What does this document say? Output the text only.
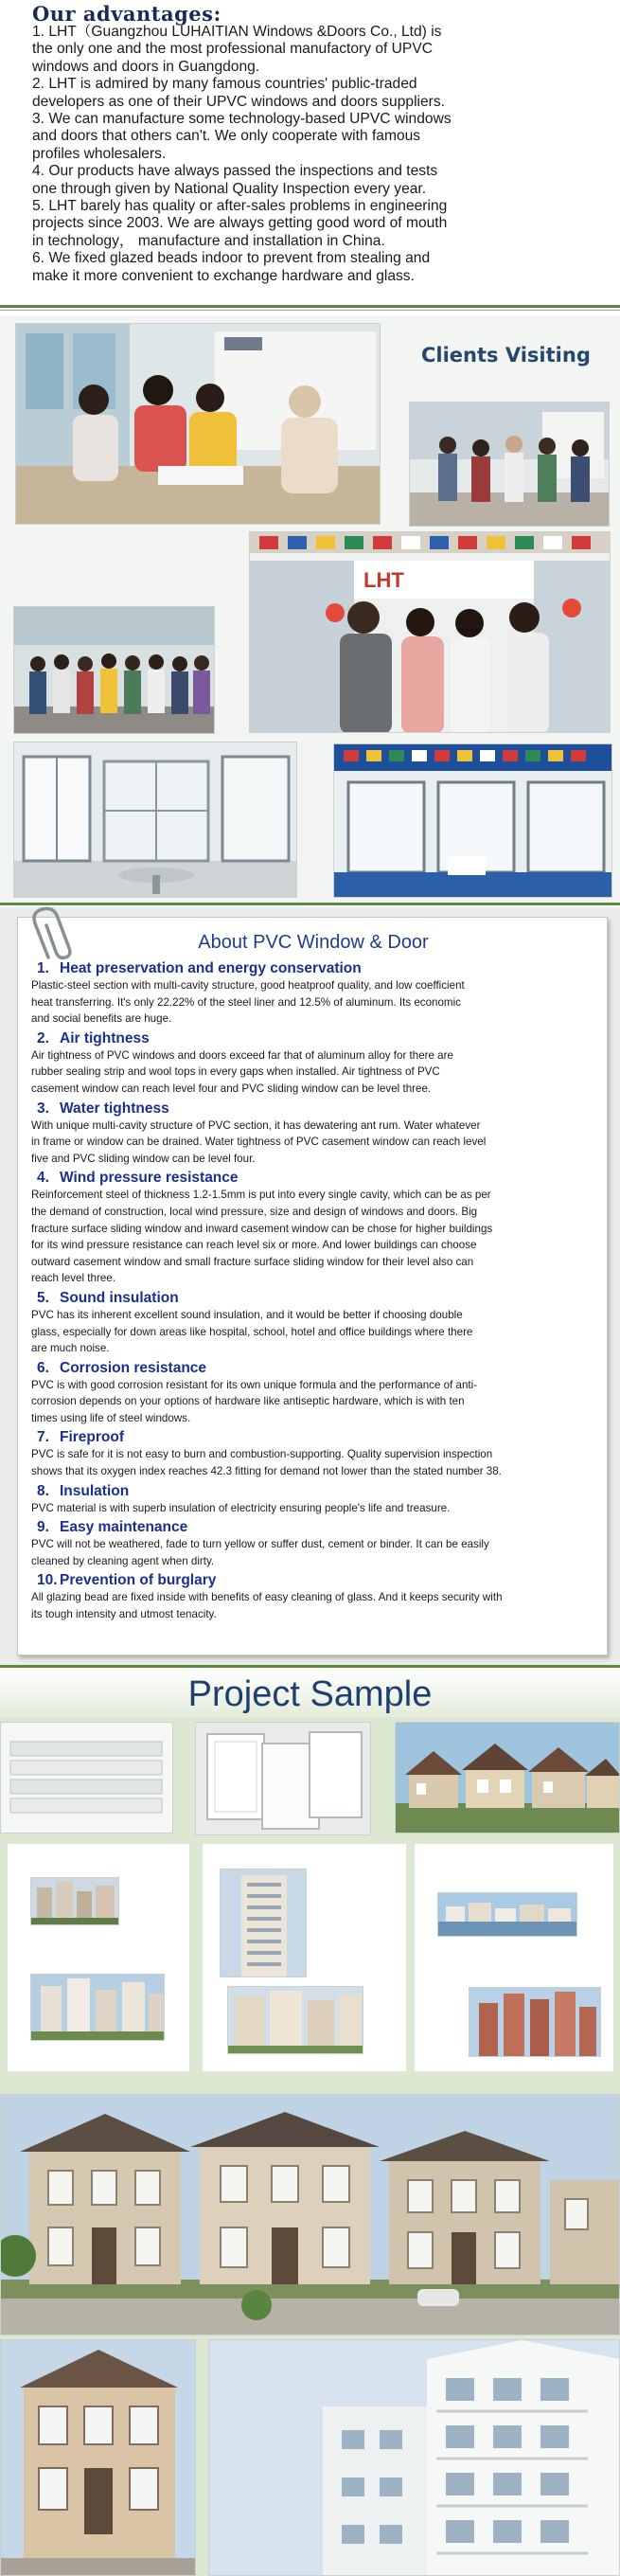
Our advantages:

1. LHT（Guangzhou LUHAITIAN Windows &Doors Co., Ltd) is

the only one and the most professional manufactory of UPVC

windows and doors in Guangdong.

2. LHT is admired by many famous countries' public-traded

developers as one of their UPVC windows and doors suppliers.

3. We can manufacture some technology-based UPVC windows

and doors that others can't. We only cooperate with famous

profiles wholesalers.

4. Our products have always passed the inspections and tests

one through given by National Quality Inspection every year.

5. LHT barely has quality or after-sales problems in engineering

projects since 2003. We are always getting good word of mouth

in technology， manufacture and installation in China.

6. We fixed glazed beads indoor to prevent from stealing and

make it more convenient to exchange hardware and glass.

Clients Visiting
LHT
About PVC Window & Door
1. Heat preservation and energy conservation
Plastic-steel section with multi-cavity structure, good heatproof quality, and low coefficient
heat transferring. It's only 22.22% of the steel liner and 12.5% of aluminum. Its economic
and social benefits are huge.
2. Air tightness
Air tightness of PVC windows and doors exceed far that of aluminum alloy for there are
rubber sealing strip and wool tops in every gaps when installed. Air tightness of PVC
casement window can reach level four and PVC sliding window can be level three.
3. Water tightness
With unique multi-cavity structure of PVC section, it has dewatering ant rum. Water whatever
in frame or window can be drained. Water tightness of PVC casement window can reach level
five and PVC sliding window can be level four.
4. Wind pressure resistance
Reinforcement steel of thickness 1.2-1.5mm is put into every single cavity, which can be as per
the demand of construction, local wind pressure, size and design of windows and doors. Big
fracture surface sliding window and inward casement window can be chose for higher buildings
for its wind pressure resistance can reach level six or more. And lower buildings can choose
outward casement window and small fracture surface sliding window for their level also can
reach level three.
5. Sound insulation
PVC has its inherent excellent sound insulation, and it would be better if choosing double
glass, especially for down areas like hospital, school, hotel and office buildings where there
are much noise.
6. Corrosion resistance
PVC is with good corrosion resistant for its own unique formula and the performance of anti-
corrosion depends on your options of hardware like antiseptic hardware, which is with ten
times using life of steel windows.
7. Fireproof
PVC is safe for it is not easy to burn and combustion-supporting. Quality supervision inspection
shows that its oxygen index reaches 42.3 fitting for demand not lower than the stated number 38.
8. Insulation
PVC material is with superb insulation of electricity ensuring people's life and treasure.
9. Easy maintenance
PVC will not be weathered, fade to turn yellow or suffer dust, cement or binder. It can be easily
cleaned by cleaning agent when dirty.
10. Prevention of burglary
All glazing bead are fixed inside with benefits of easy cleaning of glass. And it keeps security with
its tough intensity and utmost tenacity.
Project Sample
